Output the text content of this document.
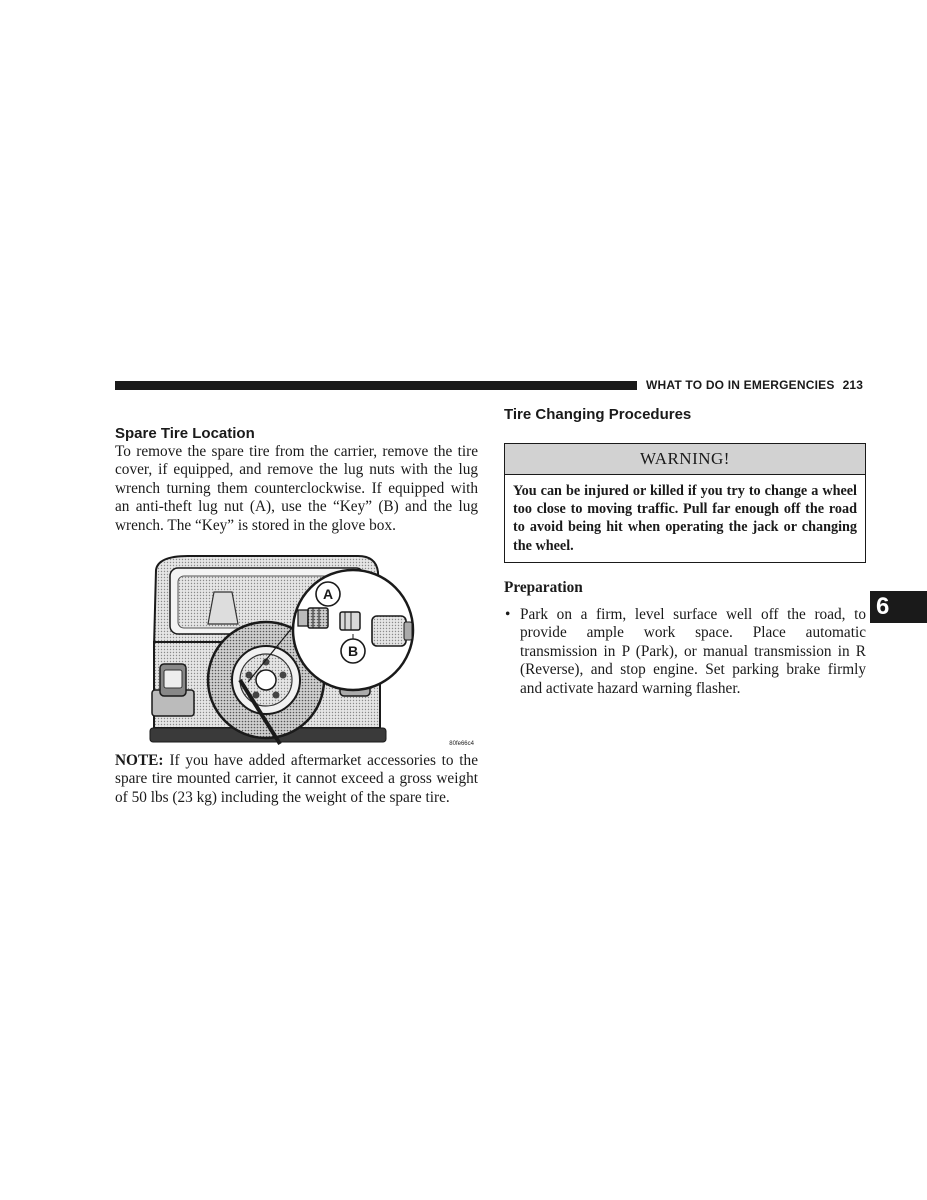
WHAT TO DO IN EMERGENCIES 213
6
Spare Tire Location

To remove the spare tire from the carrier, remove the tire cover, if equipped, and remove the lug nuts with the lug wrench turning them counterclockwise. If equipped with an anti-theft lug nut (A), use the “Key” (B) and the lug wrench. The “Key” is stored in the glove box.

A
B
80fe66c4

NOTE: If you have added aftermarket accessories to the spare tire mounted carrier, it cannot exceed a gross weight of 50 lbs (23 kg) including the weight of the spare tire.

Tire Changing Procedures
WARNING!
You can be injured or killed if you try to change a wheel too close to moving traffic. Pull far enough off the road to avoid being hit when operating the jack or changing the wheel.
Preparation
• Park on a firm, level surface well off the road, to provide ample work space. Place automatic transmission in P (Park), or manual transmission in R (Reverse), and stop engine. Set parking brake firmly and activate hazard warning flasher.
